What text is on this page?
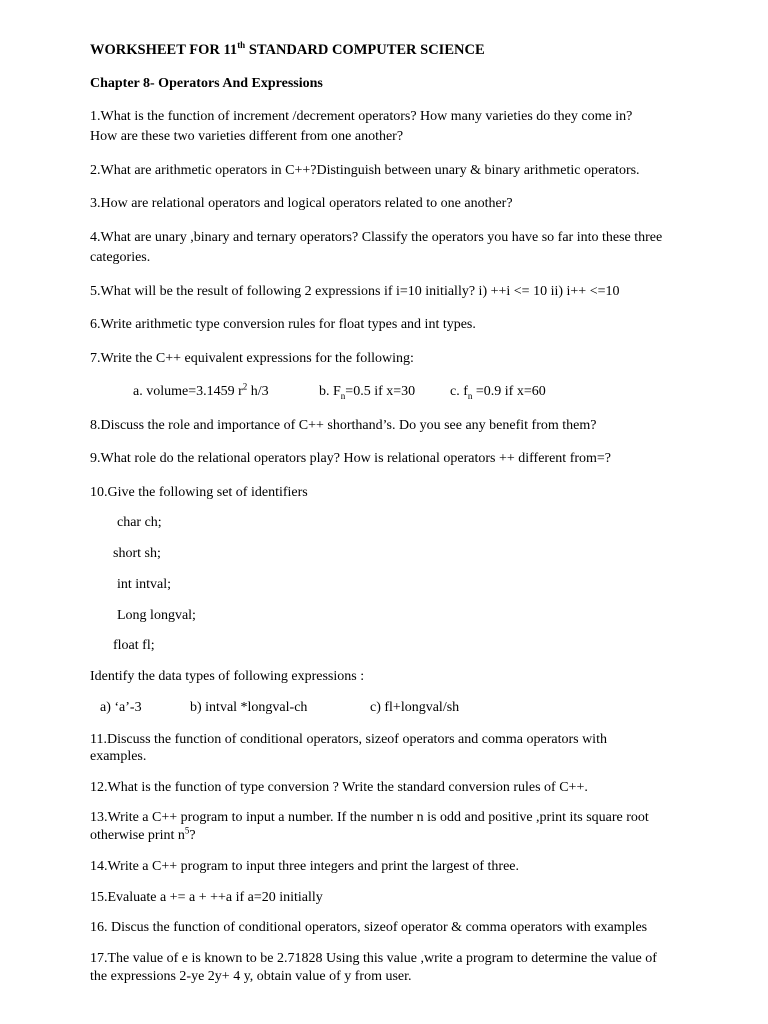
WORKSHEET FOR 11th STANDARD COMPUTER SCIENCE
Chapter 8- Operators And Expressions
1.What is the function of increment /decrement operators? How many varieties do they come in?
How are these two varieties different from one another?
2.What are arithmetic operators in C++?Distinguish between unary & binary arithmetic operators.
3.How are relational operators and logical operators related to one another?
4.What are unary ,binary and ternary operators? Classify the operators you have so far into these three
categories.
5.What will be the result of following 2 expressions if i=10 initially? i) ++i <= 10 ii) i++ <=10
6.Write arithmetic type conversion rules for float types and int types.
7.Write the C++ equivalent expressions for the following:
a. volume=3.1459 $r^2$ h/3	b. $F_n=0.5$ if x=30 c. $f_n =0.9$ if x=60
8.Discuss the role and importance of C++ shorthand’s. Do you see any benefit from them?
9.What role do the relational operators play? How is relational operators ++ different from=?
10.Give the following set of identifiers
char ch;
short sh;
int intval;
Long longval;
float fl;
Identify the data types of following expressions :
a) ‘a’-3	b) intval *longval-ch	c) fl+longval/sh
11.Discuss the function of conditional operators, sizeof operators and comma operators with
examples.
12.What is the function of type conversion ? Write the standard conversion rules of C++.
13.Write a C++ program to input a number. If the number n is odd and positive ,print its square root
otherwise print $n^5$?
14.Write a C++ program to input three integers and print the largest of three.
15.Evaluate a += a + ++a if a=20 initially
16. Discus the function of conditional operators, sizeof operator & comma operators with examples
17.The value of e is known to be 2.71828 Using this value ,write a program to determine the value of
the expressions 2-ye 2y+ 4 y, obtain value of y from user.
